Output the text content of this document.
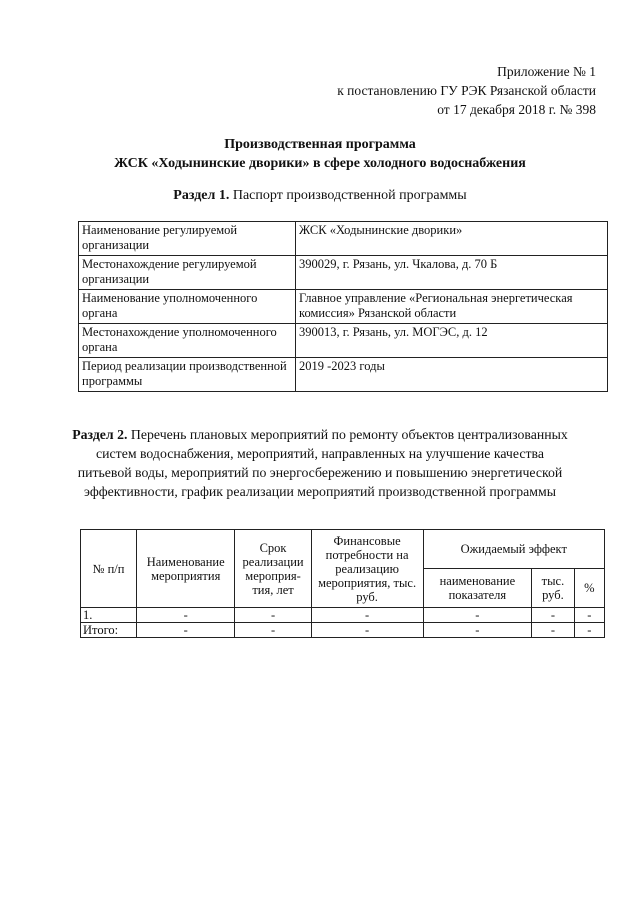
Приложение № 1
к постановлению ГУ РЭК Рязанской области
от 17 декабря 2018 г. № 398
Производственная программа
ЖСК «Ходынинские дворики» в сфере холодного водоснабжения
Раздел 1. Паспорт производственной программы
Наименование регулируемой организации	ЖСК «Ходынинские дворики»
Местонахождение регулируемой организации	390029, г. Рязань, ул. Чкалова, д. 70 Б
Наименование уполномоченного органа	Главное управление «Региональная энергетическая комиссия» Рязанской области
Местонахождение уполномоченного органа	390013, г. Рязань, ул. МОГЭС, д. 12
Период реализации производственной программы	2019 -2023 годы
Раздел 2. Перечень плановых мероприятий по ремонту объектов централизованных систем водоснабжения, мероприятий, направленных на улучшение качества питьевой воды, мероприятий по энергосбережению и повышению энергетической эффективности, график реализации мероприятий производственной программы
№ п/п	Наименование мероприятия	Срок реализации мероприя-тия, лет	Финансовые потребности на реализацию мероприятия, тыс. руб.	Ожидаемый эффект		
				наименование показателя	тыс. руб.	%
1.	-	-	-	-	-	-
Итого:	-	-	-	-	-	-
